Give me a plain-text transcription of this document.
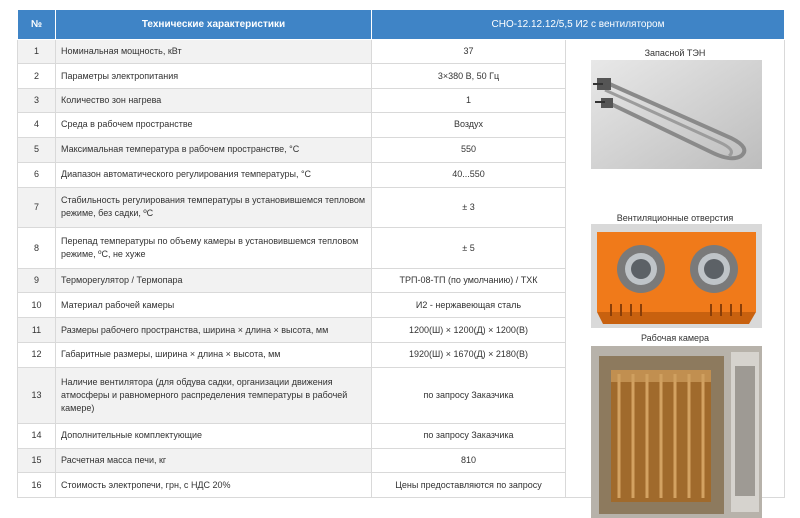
№	Технические характеристики	СНО-12.12.12/5,5 И2 с вентилятором	
1	Номинальная мощность, кВт	37	Запасной ТЭН
Вентиляционные отверстия
Рабочая камера

2	Параметры электропитания	3×380 В, 50 Гц	
3	Количество зон нагрева	1	
4	Среда в рабочем пространстве	Воздух	
5	Максимальная температура в рабочем пространстве, °С	550	
6	Диапазон автоматического регулирования температуры, °С	40...550	
7	Стабильность регулирования температуры в установившемся тепловом режиме, без садки, ºС	± 3	
8	Перепад температуры по объему камеры в установившемся тепловом режиме, ºС, не хуже	± 5	
9	Терморегулятор / Термопара	ТРП-08-ТП (по умолчанию) / ТХК	
10	Материал рабочей камеры	И2 - нержавеющая сталь	
11	Размеры рабочего пространства, ширина × длина × высота, мм	1200(Ш) × 1200(Д) × 1200(В)	
12	Габаритные размеры, ширина × длина × высота, мм	1920(Ш) × 1670(Д) × 2180(В)	
13	Наличие вентилятора (для обдува садки, организации движения атмосферы и равномерного распределения температуры в рабочей камере)	по запросу Заказчика	
14	Дополнительные комплектующие	по запросу Заказчика	
15	Расчетная масса печи, кг	810	
16	Стоимость электропечи, грн, с НДС 20%	Цены предоставляются по запросу	
